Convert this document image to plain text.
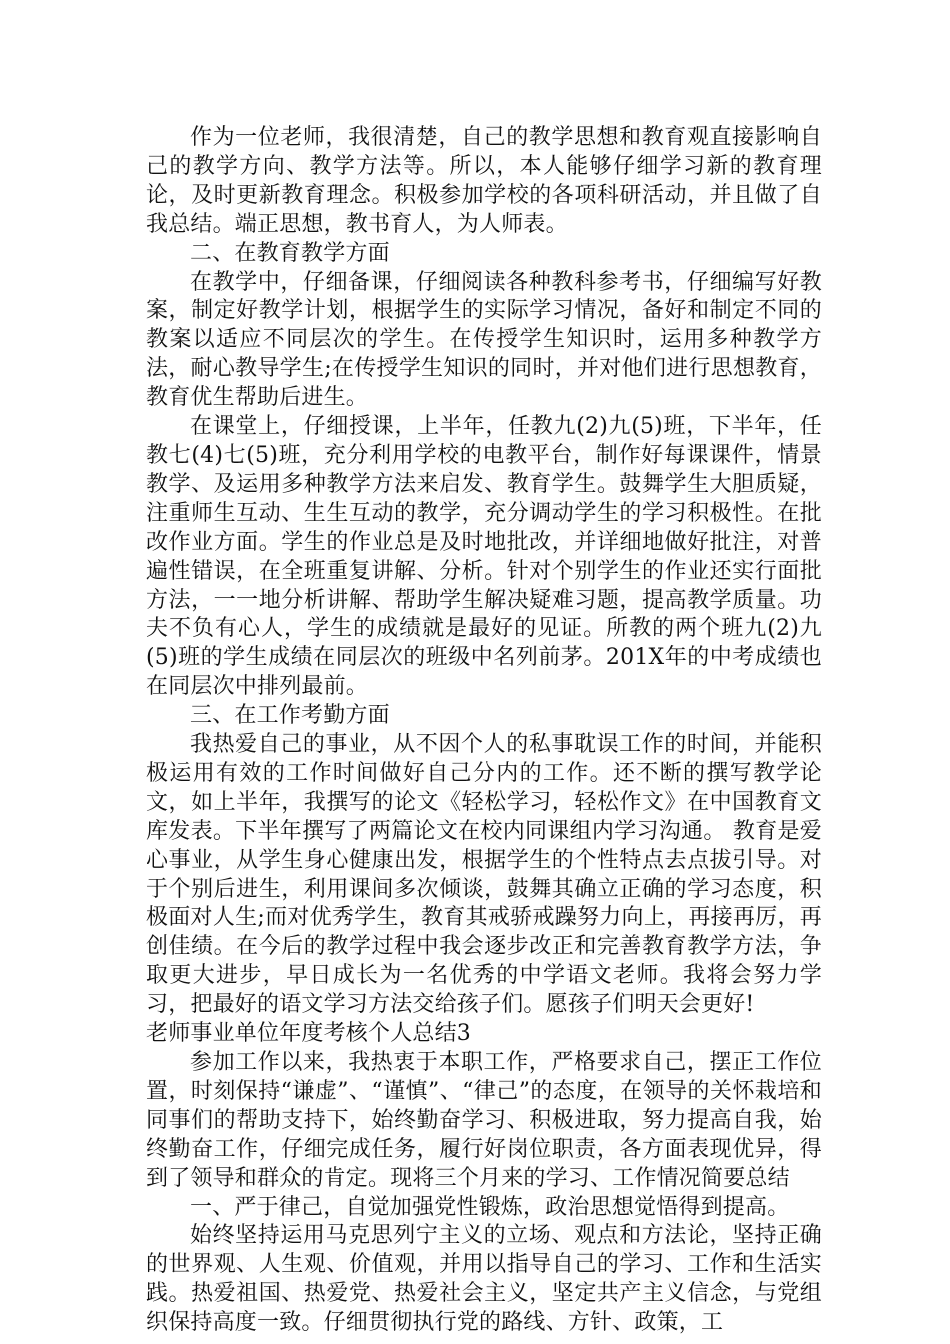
作为一位老师，我很清楚，自己的教学思想和教育观直接影响自己的教学方向、教学方法等。所以，本人能够仔细学习新的教育理论，及时更新教育理念。积极参加学校的各项科研活动，并且做了自我总结。端正思想，教书育人，为人师表。

二、在教育教学方面

在教学中，仔细备课，仔细阅读各种教科参考书，仔细编写好教案，制定好教学计划，根据学生的实际学习情况，备好和制定不同的教案以适应不同层次的学生。在传授学生知识时，运用多种教学方法，耐心教导学生;在传授学生知识的同时，并对他们进行思想教育，教育优生帮助后进生。

在课堂上，仔细授课，上半年，任教九(2)九(5)班，下半年，任教七(4)七(5)班，充分利用学校的电教平台，制作好每课课件，情景教学、及运用多种教学方法来启发、教育学生。鼓舞学生大胆质疑，注重师生互动、生生互动的教学，充分调动学生的学习积极性。在批改作业方面。学生的作业总是及时地批改，并详细地做好批注，对普遍性错误，在全班重复讲解、分析。针对个别学生的作业还实行面批方法，一一地分析讲解、帮助学生解决疑难习题，提高教学质量。功夫不负有心人，学生的成绩就是最好的见证。所教的两个班九(2)九(5)班的学生成绩在同层次的班级中名列前茅。201X年的中考成绩也在同层次中排列最前。

三、在工作考勤方面

我热爱自己的事业，从不因个人的私事耽误工作的时间，并能积极运用有效的工作时间做好自己分内的工作。还不断的撰写教学论文，如上半年，我撰写的论文《轻松学习，轻松作文》在中国教育文库发表。下半年撰写了两篇论文在校内同课组内学习沟通。 教育是爱心事业，从学生身心健康出发，根据学生的个性特点去点拔引导。对于个别后进生，利用课间多次倾谈，鼓舞其确立正确的学习态度，积极面对人生;而对优秀学生，教育其戒骄戒躁努力向上，再接再厉，再创佳绩。在今后的教学过程中我会逐步改正和完善教育教学方法，争取更大进步，早日成长为一名优秀的中学语文老师。我将会努力学习，把最好的语文学习方法交给孩子们。愿孩子们明天会更好!

老师事业单位年度考核个人总结3

参加工作以来，我热衷于本职工作，严格要求自己，摆正工作位置，时刻保持“谦虚”、“谨慎”、“律己”的态度，在领导的关怀栽培和同事们的帮助支持下，始终勤奋学习、积极进取，努力提高自我，始终勤奋工作，仔细完成任务，履行好岗位职责，各方面表现优异，得到了领导和群众的肯定。现将三个月来的学习、工作情况简要总结

一、严于律己，自觉加强党性锻炼，政治思想觉悟得到提高。

始终坚持运用马克思列宁主义的立场、观点和方法论，坚持正确的世界观、人生观、价值观，并用以指导自己的学习、工作和生活实践。热爱祖国、热爱党、热爱社会主义，坚定共产主义信念，与党组织保持高度一致。仔细贯彻执行党的路线、方针、政策，工
